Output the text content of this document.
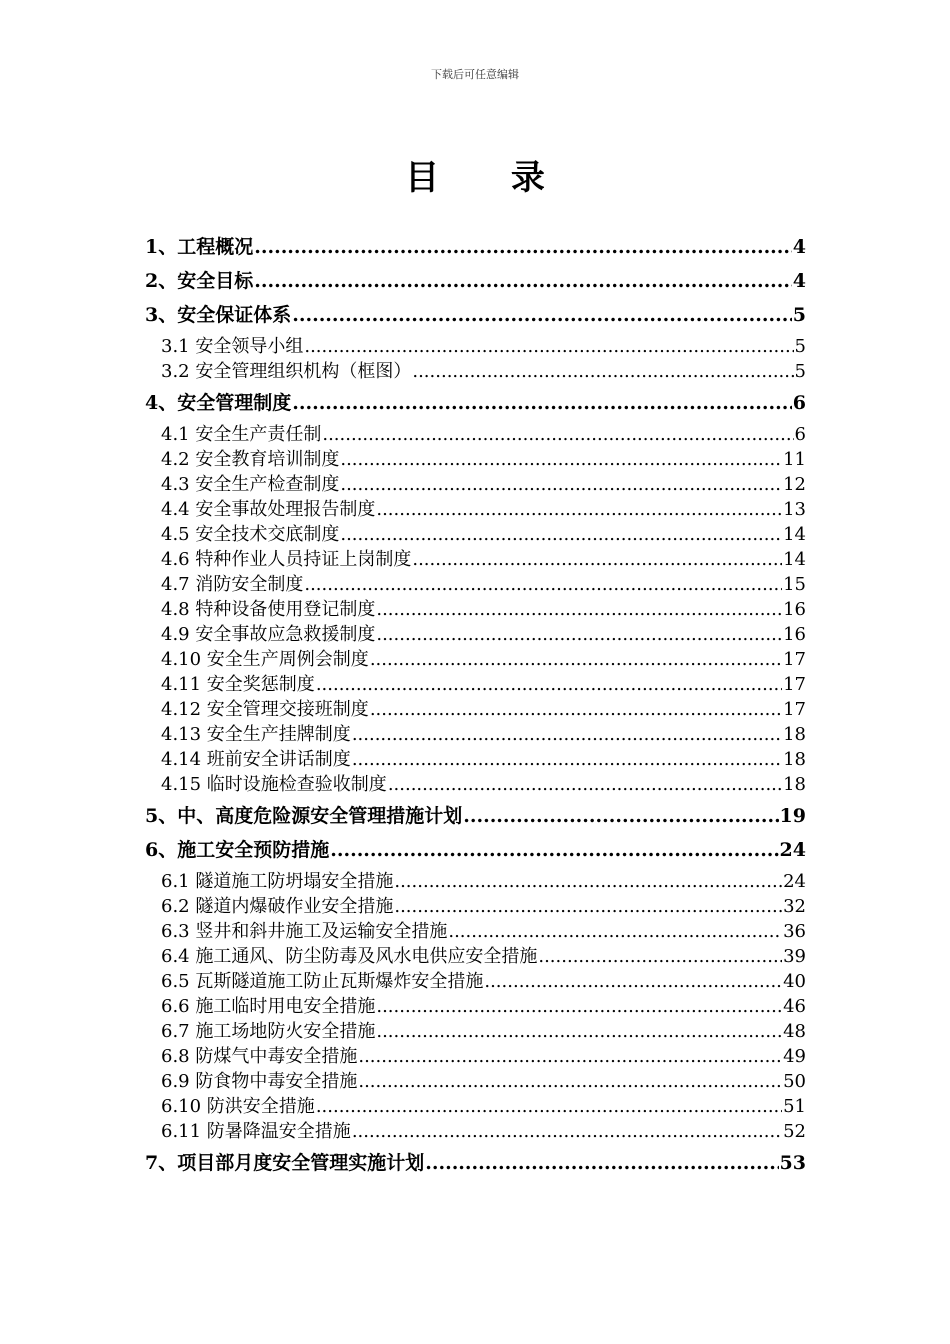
下载后可任意编辑
目 录
1、工程概况 .....	4
2、安全目标 .....	4
3、安全保证体系 .....	5
3.1 安全领导小组 .....	5
3.2 安全管理组织机构（框图） .....	5
4、安全管理制度 .....	6
4.1 安全生产责任制 .....	6
4.2 安全教育培训制度 .....	11
4.3 安全生产检查制度 .....	12
4.4 安全事故处理报告制度 .....	13
4.5 安全技术交底制度 .....	14
4.6 特种作业人员持证上岗制度 .....	14
4.7 消防安全制度 .....	15
4.8 特种设备使用登记制度 .....	16
4.9 安全事故应急救援制度 .....	16
4.10 安全生产周例会制度 .....	17
4.11 安全奖惩制度 .....	17
4.12 安全管理交接班制度 .....	17
4.13 安全生产挂牌制度 .....	18
4.14 班前安全讲话制度 .....	18
4.15 临时设施检查验收制度 .....	18
5、中、高度危险源安全管理措施计划 .....	19
6、施工安全预防措施 .....	24
6.1 隧道施工防坍塌安全措施 .....	24
6.2 隧道内爆破作业安全措施 .....	32
6.3 竖井和斜井施工及运输安全措施 .....	36
6.4 施工通风、防尘防毒及风水电供应安全措施 .....	39
6.5 瓦斯隧道施工防止瓦斯爆炸安全措施 .....	40
6.6 施工临时用电安全措施 .....	46
6.7 施工场地防火安全措施 .....	48
6.8 防煤气中毒安全措施 .....	49
6.9 防食物中毒安全措施 .....	50
6.10 防洪安全措施 .....	51
6.11 防暑降温安全措施 .....	52
7、项目部月度安全管理实施计划 .....	53
